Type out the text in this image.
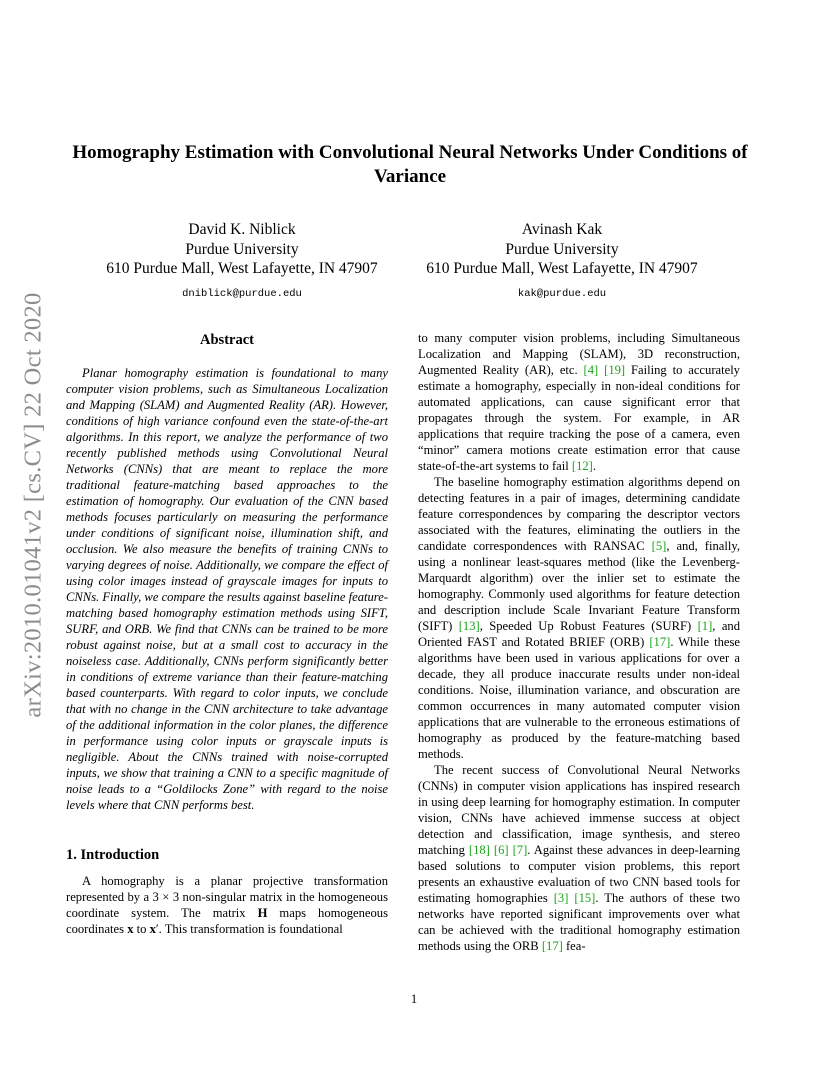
arXiv:2010.01041v2 [cs.CV] 22 Oct 2020
Homography Estimation with Convolutional Neural Networks Under Conditions of Variance
David K. Niblick
Purdue University
610 Purdue Mall, West Lafayette, IN 47907
dniblick@purdue.edu
Avinash Kak
Purdue University
610 Purdue Mall, West Lafayette, IN 47907
kak@purdue.edu
Abstract

Planar homography estimation is foundational to many computer vision problems, such as Simultaneous Localization and Mapping (SLAM) and Augmented Reality (AR). However, conditions of high variance confound even the state-of-the-art algorithms. In this report, we analyze the performance of two recently published methods using Convolutional Neural Networks (CNNs) that are meant to replace the more traditional feature-matching based approaches to the estimation of homography. Our evaluation of the CNN based methods focuses particularly on measuring the performance under conditions of significant noise, illumination shift, and occlusion. We also measure the benefits of training CNNs to varying degrees of noise. Additionally, we compare the effect of using color images instead of grayscale images for inputs to CNNs. Finally, we compare the results against baseline feature-matching based homography estimation methods using SIFT, SURF, and ORB. We find that CNNs can be trained to be more robust against noise, but at a small cost to accuracy in the noiseless case. Additionally, CNNs perform significantly better in conditions of extreme variance than their feature-matching based counterparts. With regard to color inputs, we conclude that with no change in the CNN architecture to take advantage of the additional information in the color planes, the difference in performance using color inputs or grayscale inputs is negligible. About the CNNs trained with noise-corrupted inputs, we show that training a CNN to a specific magnitude of noise leads to a “Goldilocks Zone” with regard to the noise levels where that CNN performs best.

1. Introduction

A homography is a planar projective transformation represented by a 3 × 3 non-singular matrix in the homogeneous coordinate system. The matrix H maps homogeneous coordinates x to x′. This transformation is foundational

to many computer vision problems, including Simultaneous Localization and Mapping (SLAM), 3D reconstruction, Augmented Reality (AR), etc. [4] [19] Failing to accurately estimate a homography, especially in non-ideal conditions for automated applications, can cause significant error that propagates through the system. For example, in AR applications that require tracking the pose of a camera, even “minor” camera motions create estimation error that cause state-of-the-art systems to fail [12].

The baseline homography estimation algorithms depend on detecting features in a pair of images, determining candidate feature correspondences by comparing the descriptor vectors associated with the features, eliminating the outliers in the candidate correspondences with RANSAC [5], and, finally, using a nonlinear least-squares method (like the Levenberg-Marquardt algorithm) over the inlier set to estimate the homography. Commonly used algorithms for feature detection and description include Scale Invariant Feature Transform (SIFT) [13], Speeded Up Robust Features (SURF) [1], and Oriented FAST and Rotated BRIEF (ORB) [17]. While these algorithms have been used in various applications for over a decade, they all produce inaccurate results under non-ideal conditions. Noise, illumination variance, and obscuration are common occurrences in many automated computer vision applications that are vulnerable to the erroneous estimations of homography as produced by the feature-matching based methods.

The recent success of Convolutional Neural Networks (CNNs) in computer vision applications has inspired research in using deep learning for homography estimation. In computer vision, CNNs have achieved immense success at object detection and classification, image synthesis, and stereo matching [18] [6] [7]. Against these advances in deep-learning based solutions to computer vision problems, this report presents an exhaustive evaluation of two CNN based tools for estimating homographies [3] [15]. The authors of these two networks have reported significant improvements over what can be achieved with the traditional homography estimation methods using the ORB [17] fea-

1
